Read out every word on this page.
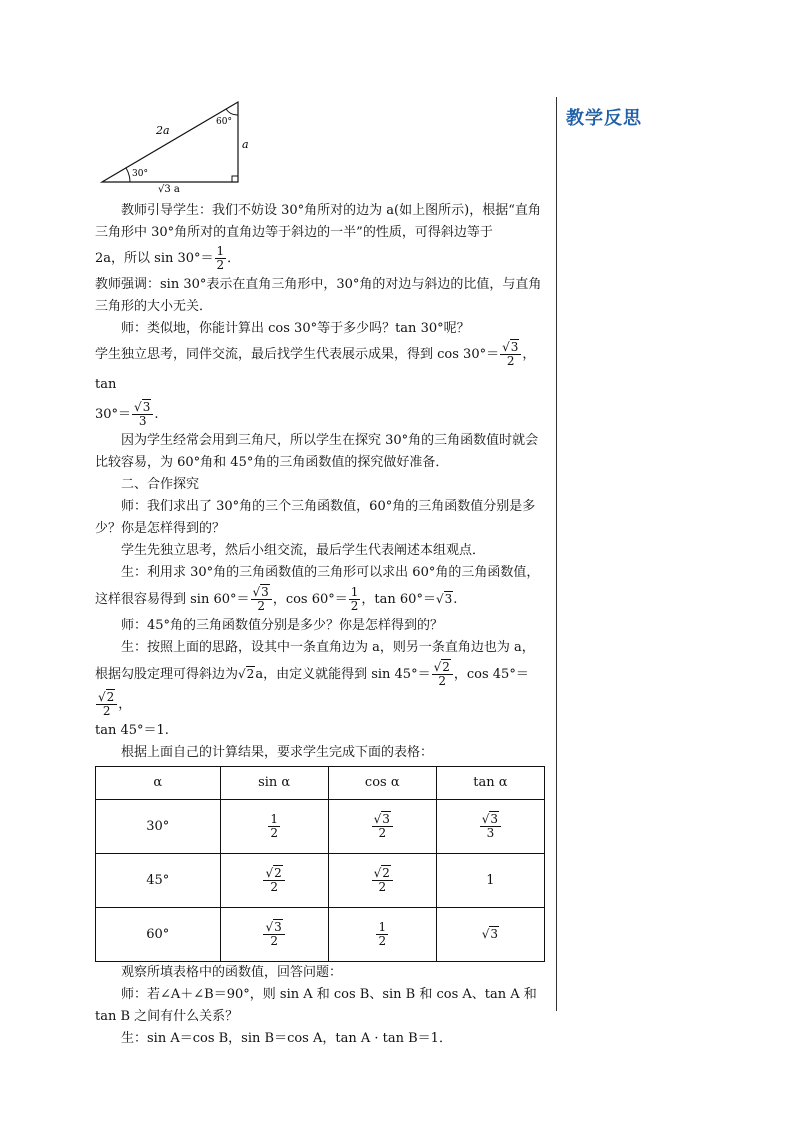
教学反思
2a
a
√3 a
30°
60°

教师引导学生：我们不妨设 30°角所对的边为 a(如上图所示)，根据“直角三角形中 30°角所对的直角边等于斜边的一半”的性质，可得斜边等于

2a，所以 $\sin 30^\circ= \frac{1}{2}$ ．

教师强调：sin 30°表示在直角三角形中，30°角的对边与斜边的比值，与直角三角形的大小无关．

师：类似地，你能计算出 cos 30°等于多少吗？tan 30°呢？

学生独立思考，同伴交流，最后找学生代表展示成果，得到 $\cos 30^\circ= \frac{√3}{2}$ ，tan

$30^\circ= \frac{√3}{3}$ .

因为学生经常会用到三角尺，所以学生在探究 30°角的三角函数值时就会比较容易，为 60°角和 45°角的三角函数值的探究做好准备．

二、合作探究

师：我们求出了 30°角的三个三角函数值，60°角的三角函数值分别是多少？你是怎样得到的？

学生先独立思考，然后小组交流，最后学生代表阐述本组观点．

生：利用求 30°角的三角函数值的三角形可以求出 60°角的三角函数值，

这样很容易得到 $\sin 60^\circ= \frac{√3}{2}$ ，$\cos 60^\circ= \frac{1}{2}$ ，tan 60°＝√3.

师：45°角的三角函数值分别是多少？你是怎样得到的？

生：按照上面的思路，设其中一条直角边为 a，则另一条直角边也为 a，

根据勾股定理可得斜边为√2a，由定义就能得到 $\sin 45^\circ= \frac{√2}{2}$ ，cos 45°＝
$\frac{√2}{2}$ ，

tan 45°＝1.

根据上面自己的计算结果，要求学生完成下面的表格：

α	sin α	cos α	tan α
30°	$\frac{1}{2}$	$\frac{√3}{2}$	$\frac{√3}{3}$

45°	$\frac{√2}{2}$	$\frac{√2}{2}$	1
60°	$\frac{√3}{2}$	$\frac{1}{2}$	√3

观察所填表格中的函数值，回答问题：

师：若∠A＋∠B＝90°，则 sin A 和 cos B、sin B 和 cos A、tan A 和 tan B 之间有什么关系？

生：sin A＝cos B，sin B＝cos A，tan A · tan B＝1．
